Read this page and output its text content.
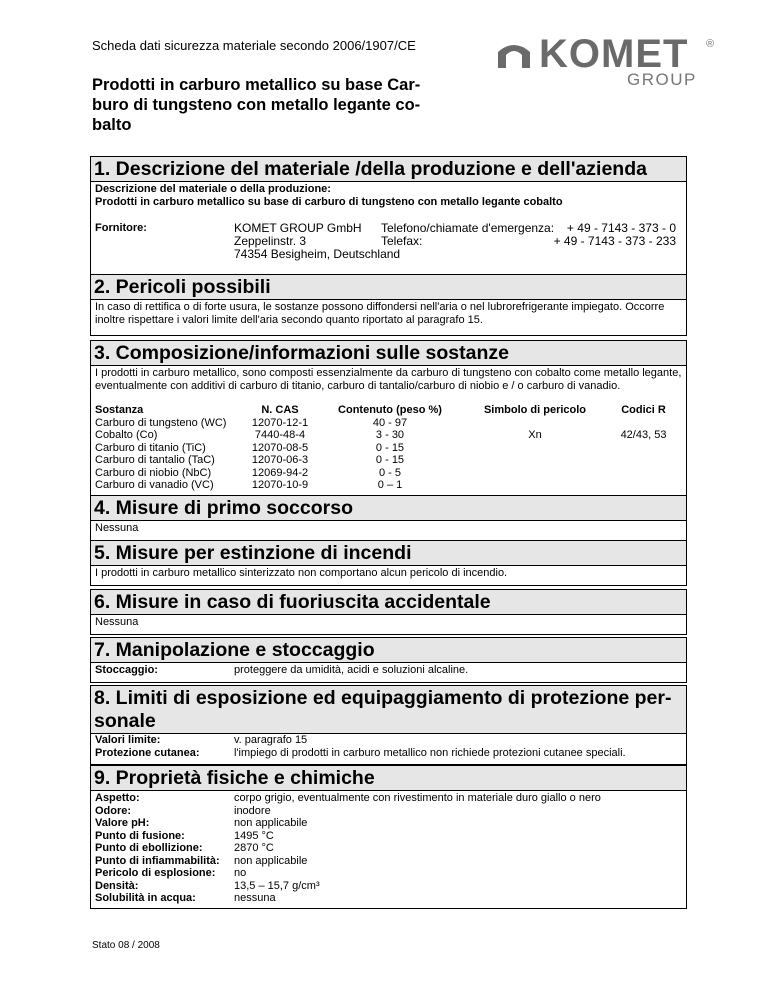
Scheda dati sicurezza materiale secondo 2006/1907/CE
Prodotti in carburo metallico su base Car-
buro di tungsteno con metallo legante co-
balto
KOMET ®
GROUP
1. Descrizione del materiale /della produzione e dell'azienda
Descrizione del materiale o della produzione:
Prodotti in carburo metallico su base di carburo di tungsteno con metallo legante cobalto
Fornitore:	KOMET GROUP GmbH
Zeppelinstr. 3
74354 Besigheim, Deutschland
Telefono/chiamate d'emergenza: + 49 - 7143 - 373 - 0
Telefax:	+ 49 - 7143 - 373 - 233
2. Pericoli possibili
In caso di rettifica o di forte usura, le sostanze possono diffondersi nell'aria o nel lubrorefrigerante impiegato. Occorre
inoltre rispettare i valori limite dell'aria secondo quanto riportato al paragrafo 15.
3. Composizione/informazioni sulle sostanze
I prodotti in carburo metallico, sono composti essenzialmente da carburo di tungsteno con cobalto come metallo legante,
eventualmente con additivi di carburo di titanio, carburo di tantalio/carburo di niobio e / o carburo di vanadio.
Sostanza	N. CAS	Contenuto (peso %)	Simbolo di pericolo	Codici R
Carburo di tungsteno (WC)	12070-12-1	40 - 97		
Cobalto (Co)	7440-48-4	3 - 30	Xn	42/43, 53
Carburo di titanio (TiC)	12070-08-5	0 - 15		
Carburo di tantalio (TaC)	12070-06-3	0 - 15		
Carburo di niobio (NbC)	12069-94-2	0 - 5		
Carburo di vanadio (VC)	12070-10-9	0 – 1		
4. Misure di primo soccorso
Nessuna
5. Misure per estinzione di incendi
I prodotti in carburo metallico sinterizzato non comportano alcun pericolo di incendio.
6. Misure in caso di fuoriuscita accidentale
Nessuna
7. Manipolazione e stoccaggio
Stoccaggio:	proteggere da umidità, acidi e soluzioni alcaline.
8. Limiti di esposizione ed equipaggiamento di protezione per-
sonale
Valori limite:	v. paragrafo 15
Protezione cutanea:	l'impiego di prodotti in carburo metallico non richiede protezioni cutanee speciali.
9. Proprietà fisiche e chimiche
Aspetto:	corpo grigio, eventualmente con rivestimento in materiale duro giallo o nero
Odore:	inodore
Valore pH:	non applicabile
Punto di fusione:	1495 °C
Punto di ebollizione:	2870 °C
Punto di infiammabilità: non applicabile
Pericolo di esplosione: no
Densità:	13,5 – 15,7 g/cm³
Solubilità in acqua:	nessuna
Stato 08 / 2008
